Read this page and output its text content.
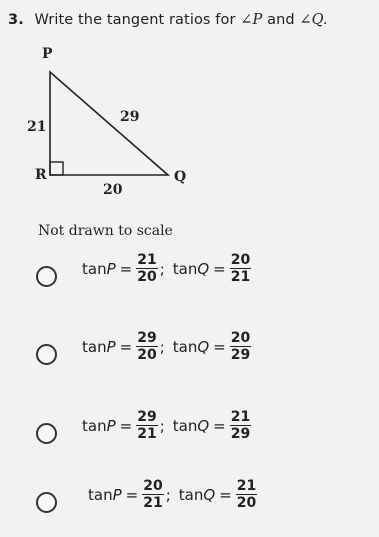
3. Write the tangent ratios for ∠P and ∠Q.
P
R	Q
21
29
20
Not drawn to scale
$\tan P = \frac{21}{20}$ ; $\tan Q = \frac{20}{21}$
$\tan P = \frac{29}{20}$ ; $\tan Q = \frac{20}{29}$
$\tan P = \frac{29}{21}$ ; $\tan Q = \frac{21}{29}$
$\tan P = \frac{20}{21}$ ; $\tan Q = \frac{21}{20}$
